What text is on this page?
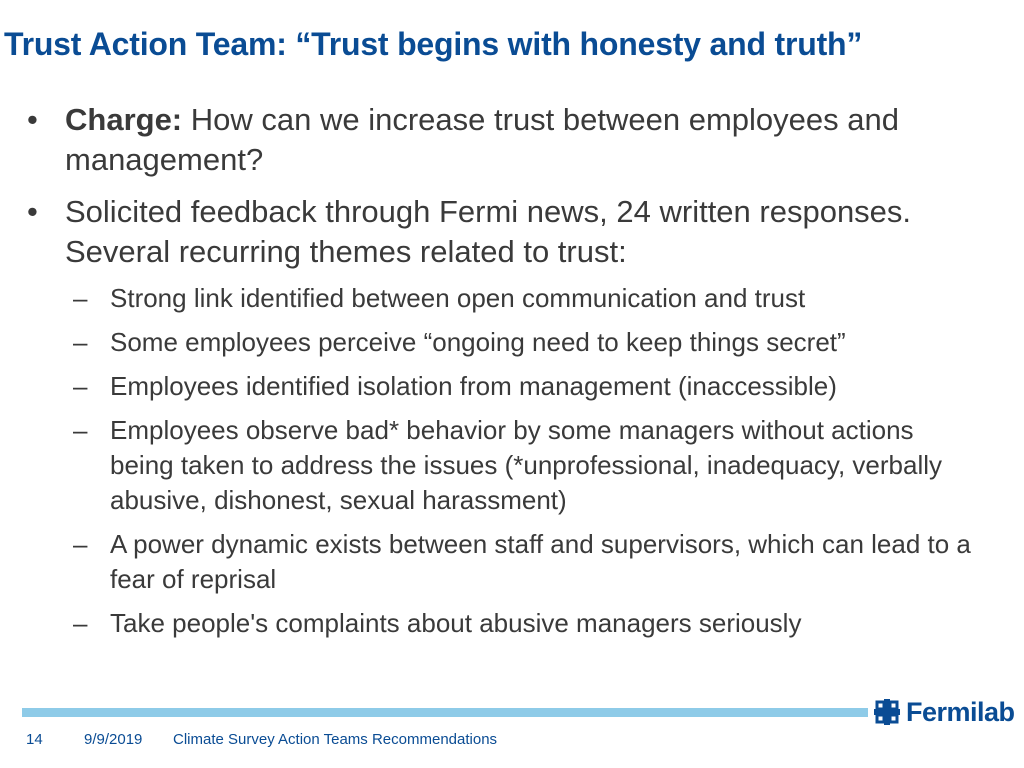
Trust Action Team: “Trust begins with honesty and truth”
• Charge: How can we increase trust between employees and management?
• Solicited feedback through Fermi news, 24 written responses. Several recurring themes related to trust:
– Strong link identified between open communication and trust
– Some employees perceive “ongoing need to keep things secret”
– Employees identified isolation from management (inaccessible)
– Employees observe bad* behavior by some managers without actions being taken to address the issues (*unprofessional, inadequacy, verbally abusive, dishonest, sexual harassment)
– A power dynamic exists between staff and supervisors, which can lead to a fear of reprisal
– Take people's complaints about abusive managers seriously
Fermilab
14	9/9/2019 Climate Survey Action Teams Recommendations
